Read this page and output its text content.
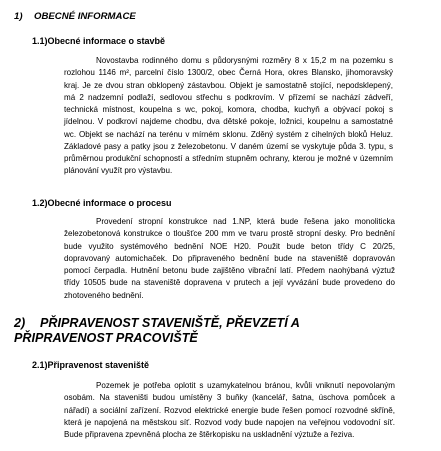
1) OBECNÉ INFORMACE
1.1)Obecné informace o stavbě

Novostavba rodinného domu s půdorysnými rozměry 8 x 15,2 m na pozemku s rozlohou 1146 m², parcelní číslo 1300/2, obec Černá Hora, okres Blansko, jihomoravský kraj. Je ze dvou stran obklopený zástavbou. Objekt je samostatně stojící, nepodsklepený, má 2 nadzemní podlaží, sedlovou střechu s podkrovím. V přízemí se nachází zádveří, technická místnost, koupelna s wc, pokoj, komora, chodba, kuchyň a obývací pokoj s jídelnou. V podkroví najdeme chodbu, dva dětské pokoje, ložnici, koupelnu a samostatné wc. Objekt se nachází na terénu v mírném sklonu. Zděný systém z cihelných bloků Heluz. Základové pasy a patky jsou z železobetonu. V daném území se vyskytuje půda 3. typu, s průměrnou produkční schopností a středním stupněm ochrany, kterou je možné v územním plánování využít pro výstavbu.

1.2)Obecné informace o procesu

Provedení stropní konstrukce nad 1.NP, která bude řešena jako monoliticka železobetonová konstrukce o tloušťce 200 mm ve tvaru prostě stropní desky. Pro bednění bude využito systémového bednění NOE H20. Použit bude beton třídy C 20/25, dopravovaný automichaček. Do připraveného bednění bude na staveniště dopravován pomocí čerpadla. Hutnění betonu bude zajištěno vibrační latí. Předem naohýbaná výztuž třídy 10505 bude na staveniště dopravena v prutech a její vyvázání bude provedeno do zhotoveného bednění.

2) PŘIPRAVENOST STAVENIŠTĚ, PŘEVZETÍ A PŘIPRAVENOST PRACOVIŠTĚ
2.1)Připravenost staveniště

Pozemek je potřeba oplotit s uzamykatelnou bránou, kvůli vniknutí nepovolaným osobám. Na staveništi budou umístěny 3 buňky (kancelář, šatna, úschova pomůcek a nářadí) a sociální zařízení. Rozvod elektrické energie bude řešen pomocí rozvodné skříně, která je napojená na městskou síť. Rozvod vody bude napojen na veřejnou vodovodní síť. Bude připravena zpevněná plocha ze štěrkopisku na uskladnění výztuže a řeziva.
